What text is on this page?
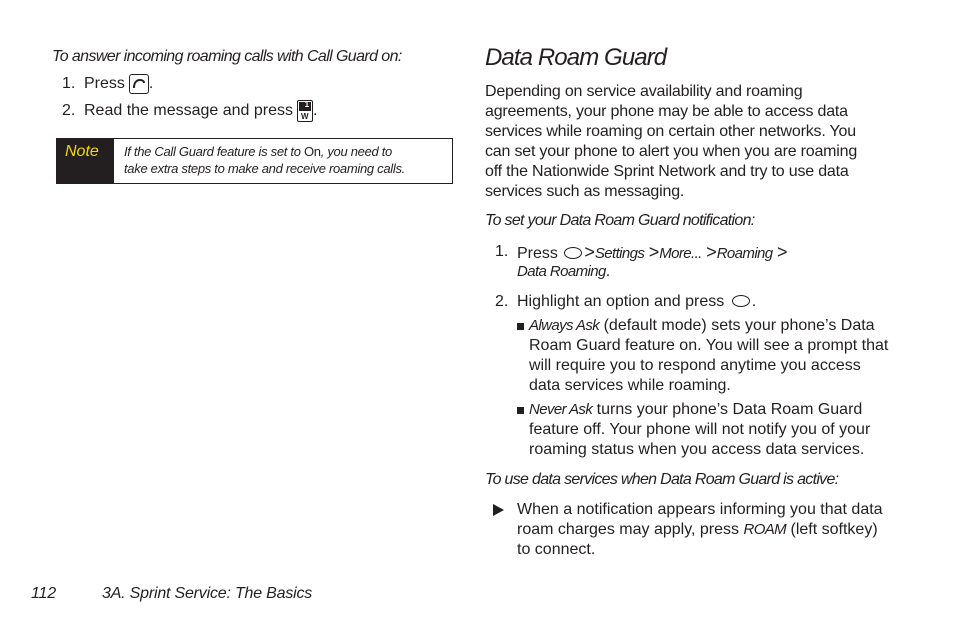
To answer incoming roaming calls with Call Guard on:
1. Press .
2. Read the message and press 1
W .
Note If the Call Guard feature is set to On, you need to
take extra steps to make and receive roaming calls.
Data Roam Guard
Depending on service availability and roaming
agreements, your phone may be able to access data
services while roaming on certain other networks. You
can set your phone to alert you when you are roaming
off the Nationwide Sprint Network and try to use data
services such as messaging.
To set your Data Roam Guard notification:
1. Press >Settings >More... >Roaming >
Data Roaming.
2. Highlight an option and press .
Always Ask (default mode) sets your phone’s Data
Roam Guard feature on. You will see a prompt that
will require you to respond anytime you access
data services while roaming.
Never Ask turns your phone’s Data Roam Guard
feature off. Your phone will not notify you of your
roaming status when you access data services.
To use data services when Data Roam Guard is active:
When a notification appears informing you that data
roam charges may apply, press ROAM (left softkey)
to connect.
112	3A. Sprint Service: The Basics
